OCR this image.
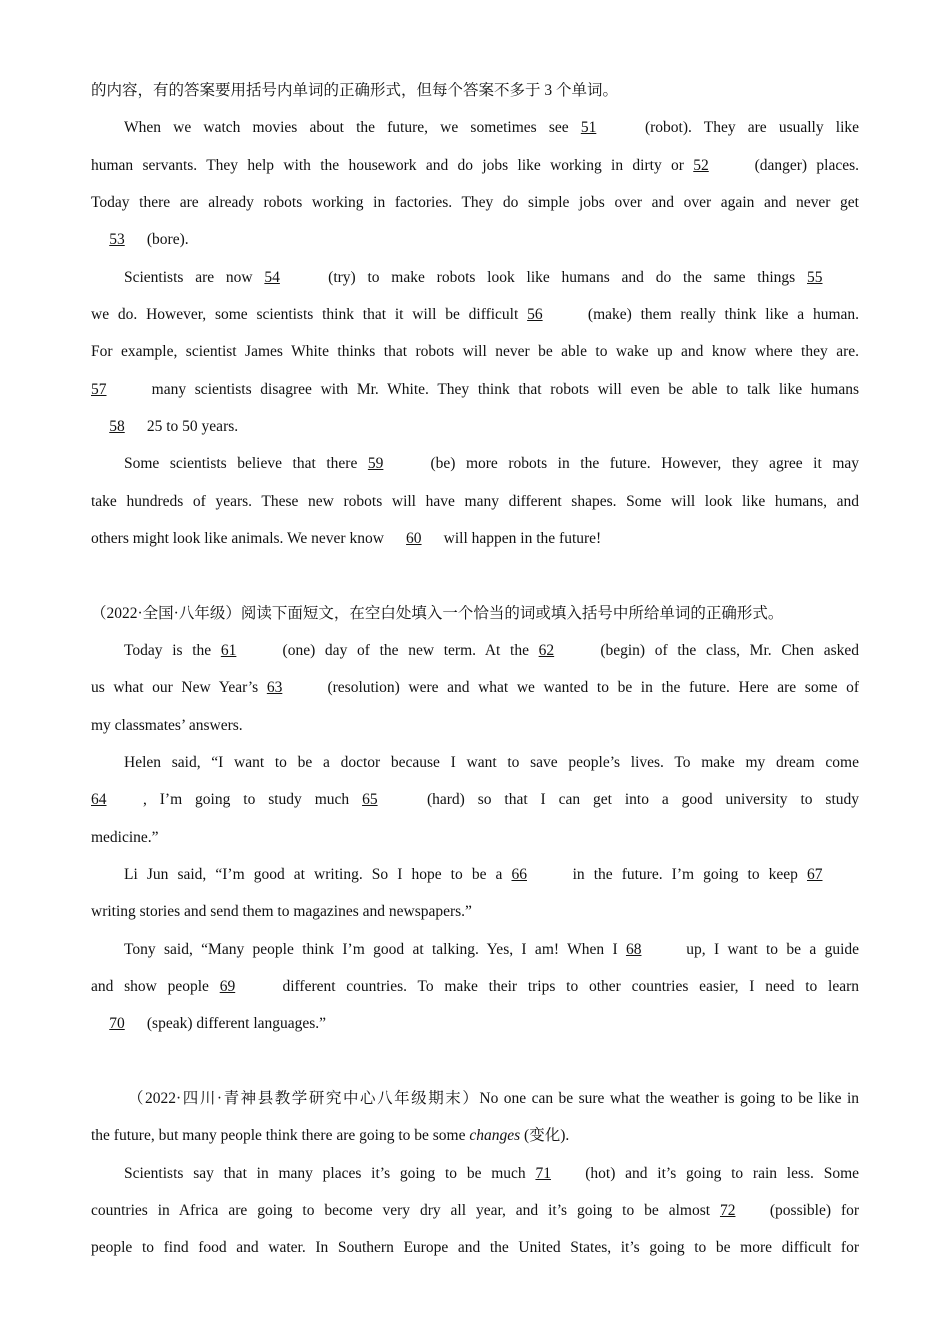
的内容，有的答案要用括号内单词的正确形式，但每个答案不多于 3 个单词。
When we watch movies about the future, we sometimes see 51	(robot). They are usually like
human servants. They help with the housework and do jobs like working in dirty or 52	(danger) places.
Today there are already robots working in factories. They do simple jobs over and over again and never get
53 (bore).
Scientists are now 54	(try) to make robots look like humans and do the same things 55
we do. However, some scientists think that it will be difficult 56	(make) them really think like a human.
For example, scientist James White thinks that robots will never be able to wake up and know where they are.
57	many scientists disagree with Mr. White. They think that robots will even be able to talk like humans
58 25 to 50 years.
Some scientists believe that there 59	(be) more robots in the future. However, they agree it may
take hundreds of years. These new robots will have many different shapes. Some will look like humans, and
others might look like animals. We never know 60 will happen in the future!
（2022·全国·八年级）阅读下面短文，在空白处填入一个恰当的词或填入括号中所给单词的正确形式。
Today is the 61	(one) day of the new term. At the 62	(begin) of the class, Mr. Chen asked
us what our New Year’s 63	(resolution) were and what we wanted to be in the future. Here are some of
my classmates’ answers.
Helen said, “I want to be a doctor because I want to save people’s lives. To make my dream come
64 , I’m going to study much 65	(hard) so that I can get into a good university to study
medicine.”
Li Jun said, “I’m good at writing. So I hope to be a 66	in the future. I’m going to keep 67
writing stories and send them to magazines and newspapers.”
Tony said, “Many people think I’m good at talking. Yes, I am! When I 68	up, I want to be a guide
and show people 69	different countries. To make their trips to other countries easier, I need to learn
70 (speak) different languages.”
（2022·四川·青神县教学研究中心八年级期末）No one can be sure what the weather is going to be like in
the future, but many people think there are going to be some changes (变化).
Scientists say that in many places it’s going to be much 71 (hot) and it’s going to rain less. Some
countries in Africa are going to become very dry all year, and it’s going to be almost 72 (possible) for
people to find food and water. In Southern Europe and the United States, it’s going to be more difficult for
